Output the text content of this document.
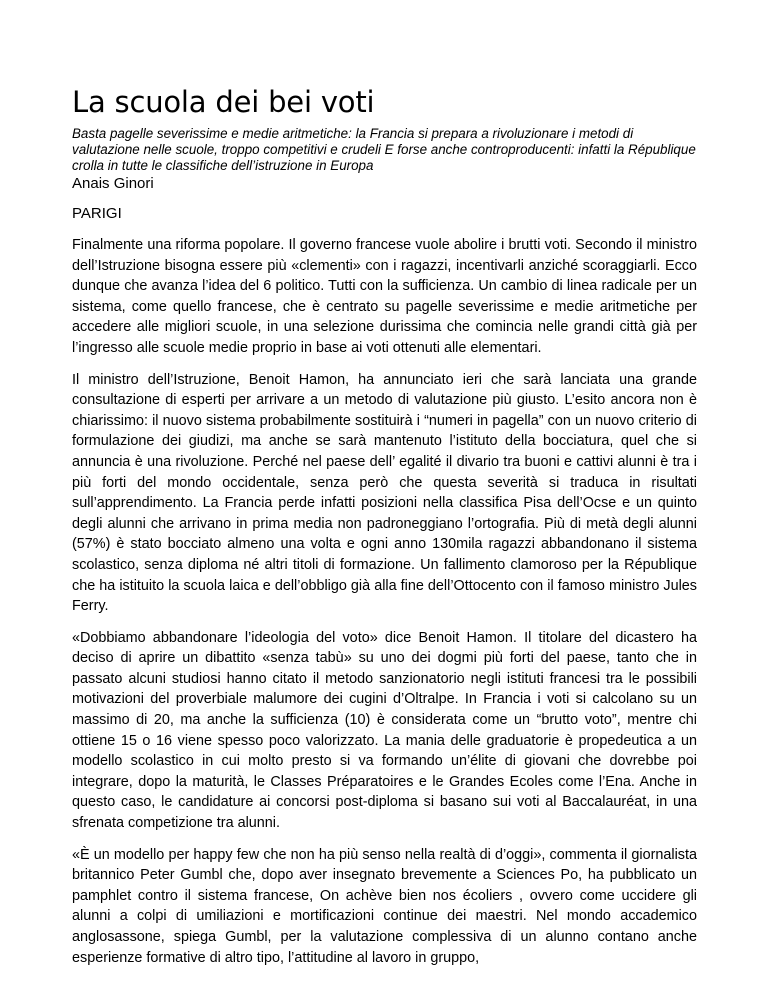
La scuola dei bei voti

Basta pagelle severissime e medie aritmetiche: la Francia si prepara a rivoluzionare i metodi di valutazione nelle scuole, troppo competitivi e crudeli E forse anche controproducenti: infatti la République crolla in tutte le classifiche dell’istruzione in Europa

Anais Ginori

PARIGI

Finalmente una riforma popolare. Il governo francese vuole abolire i brutti voti. Secondo il ministro dell’Istruzione bisogna essere più «clementi» con i ragazzi, incentivarli anziché scoraggiarli. Ecco dunque che avanza l’idea del 6 politico. Tutti con la sufficienza. Un cambio di linea radicale per un sistema, come quello francese, che è centrato su pagelle severissime e medie aritmetiche per accedere alle migliori scuole, in una selezione durissima che comincia nelle grandi città già per l’ingresso alle scuole medie proprio in base ai voti ottenuti alle elementari.

Il ministro dell’Istruzione, Benoit Hamon, ha annunciato ieri che sarà lanciata una grande consultazione di esperti per arrivare a un metodo di valutazione più giusto. L’esito ancora non è chiarissimo: il nuovo sistema probabilmente sostituirà i “numeri in pagella” con un nuovo criterio di formulazione dei giudizi, ma anche se sarà mantenuto l’istituto della bocciatura, quel che si annuncia è una rivoluzione. Perché nel paese dell’ egalité il divario tra buoni e cattivi alunni è tra i più forti del mondo occidentale, senza però che questa severità si traduca in risultati sull’apprendimento. La Francia perde infatti posizioni nella classifica Pisa dell’Ocse e un quinto degli alunni che arrivano in prima media non padroneggiano l’ortografia. Più di metà degli alunni (57%) è stato bocciato almeno una volta e ogni anno 130mila ragazzi abbandonano il sistema scolastico, senza diploma né altri titoli di formazione. Un fallimento clamoroso per la République che ha istituito la scuola laica e dell’obbligo già alla fine dell’Ottocento con il famoso ministro Jules Ferry.

«Dobbiamo abbandonare l’ideologia del voto» dice Benoit Hamon. Il titolare del dicastero ha deciso di aprire un dibattito «senza tabù» su uno dei dogmi più forti del paese, tanto che in passato alcuni studiosi hanno citato il metodo sanzionatorio negli istituti francesi tra le possibili motivazioni del proverbiale malumore dei cugini d’Oltralpe. In Francia i voti si calcolano su un massimo di 20, ma anche la sufficienza (10) è considerata come un “brutto voto”, mentre chi ottiene 15 o 16 viene spesso poco valorizzato. La mania delle graduatorie è propedeutica a un modello scolastico in cui molto presto si va formando un’élite di giovani che dovrebbe poi integrare, dopo la maturità, le Classes Préparatoires e le Grandes Ecoles come l’Ena. Anche in questo caso, le candidature ai concorsi post-diploma si basano sui voti al Baccalauréat, in una sfrenata competizione tra alunni.

«È un modello per happy few che non ha più senso nella realtà di d’oggi», commenta il giornalista britannico Peter Gumbl che, dopo aver insegnato brevemente a Sciences Po, ha pubblicato un pamphlet contro il sistema francese, On achève bien nos écoliers , ovvero come uccidere gli alunni a colpi di umiliazioni e mortificazioni continue dei maestri. Nel mondo accademico anglosassone, spiega Gumbl, per la valutazione complessiva di un alunno contano anche esperienze formative di altro tipo, l’attitudine al lavoro in gruppo,
